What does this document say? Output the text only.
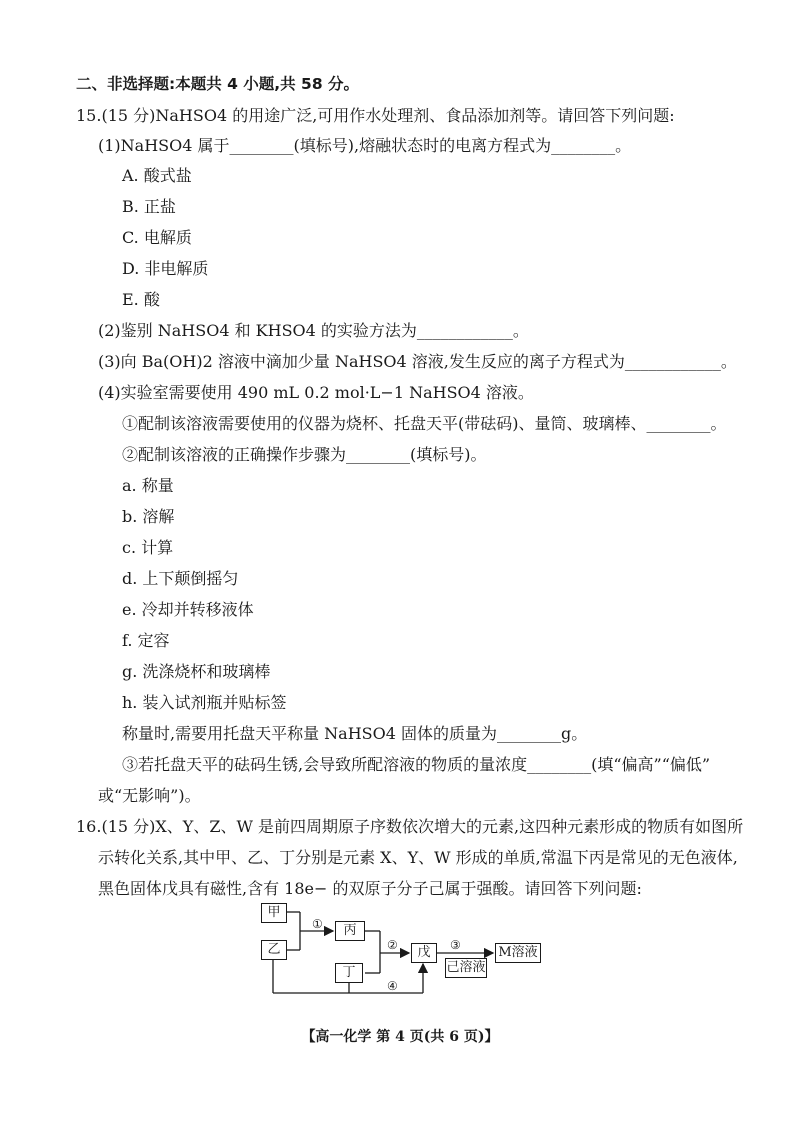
二、非选择题:本题共 4 小题,共 58 分。
15.(15 分)NaHSO4 的用途广泛,可用作水处理剂、食品添加剂等。请回答下列问题:
(1)NaHSO4 属于________(填标号),熔融状态时的电离方程式为________。
A. 酸式盐
B. 正盐
C. 电解质
D. 非电解质
E. 酸
(2)鉴别 NaHSO4 和 KHSO4 的实验方法为____________。
(3)向 Ba(OH)2 溶液中滴加少量 NaHSO4 溶液,发生反应的离子方程式为____________。
(4)实验室需要使用 490 mL 0.2 mol·L−1 NaHSO4 溶液。
①配制该溶液需要使用的仪器为烧杯、托盘天平(带砝码)、量筒、玻璃棒、________。
②配制该溶液的正确操作步骤为________(填标号)。
a. 称量
b. 溶解
c. 计算
d. 上下颠倒摇匀
e. 冷却并转移液体
f. 定容
g. 洗涤烧杯和玻璃棒
h. 装入试剂瓶并贴标签
称量时,需要用托盘天平称量 NaHSO4 固体的质量为________g。
③若托盘天平的砝码生锈,会导致所配溶液的物质的量浓度________(填“偏高”“偏低”
或“无影响”)。
16.(15 分)X、Y、Z、W 是前四周期原子序数依次增大的元素,这四种元素形成的物质有如图所
示转化关系,其中甲、乙、丁分别是元素 X、Y、W 形成的单质,常温下丙是常见的无色液体,
黑色固体戊具有磁性,含有 18e− 的双原子分子己属于强酸。请回答下列问题:
甲
乙
丙
丁
戊
己溶液
M溶液
①
②	③
④
【高一化学 第 4 页(共 6 页)】
